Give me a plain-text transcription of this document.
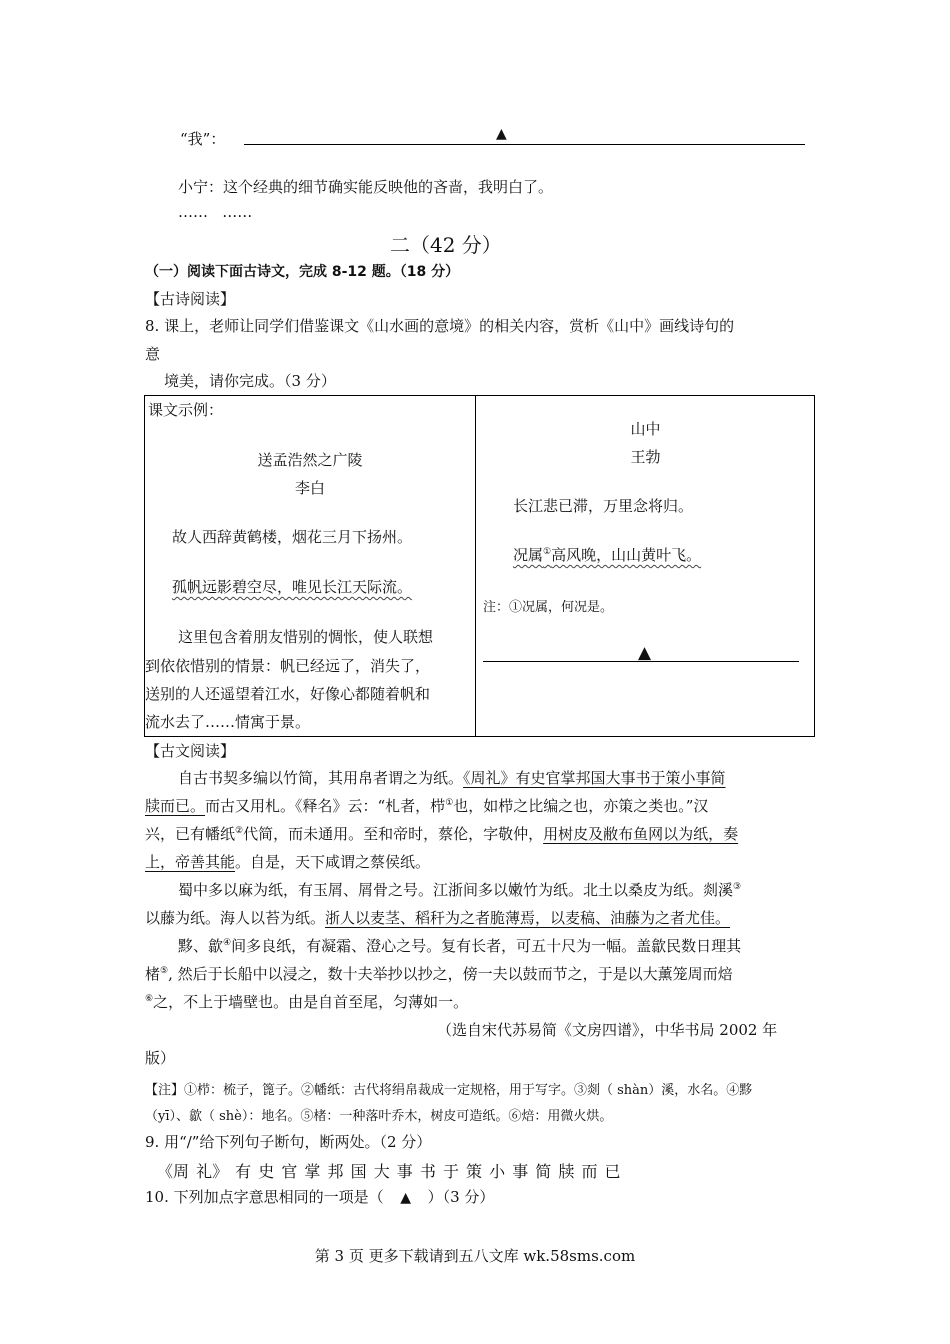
“我”：	▲
小宁：这个经典的细节确实能反映他的吝啬，我明白了。
……   ……
二（42 分）
（一）阅读下面古诗文，完成 8-12 题。（18 分）
【古诗阅读】
8. 课上，老师让同学们借鉴课文《山水画的意境》的相关内容，赏析《山中》画线诗句的
意
境美，请你完成。（3 分）
课文示例：
送孟浩然之广陵
李白
故人西辞黄鹤楼，烟花三月下扬州。
孤帆远影碧空尽，唯见长江天际流。
这里包含着朋友惜别的惆怅，使人联想
到依依惜别的情景：帆已经远了，消失了，
送别的人还遥望着江水，好像心都随着帆和
流水去了……情寓于景。
山中
王勃
长江悲已滞，万里念将归。
况属①高风晚，山山黄叶飞。
注：①况属，何况是。
▲
【古文阅读】
自古书契多编以竹简，其用帛者谓之为纸。《周礼》有史官掌邦国大事书于策小事简
牍而已。而古又用札。《释名》云：“札者，栉①也，如栉之比编之也，亦策之类也。”汉
兴，已有幡纸②代简，而未通用。至和帝时，蔡伦，字敬仲，用树皮及敝布鱼网以为纸，奏
上，帝善其能。自是，天下咸谓之蔡侯纸。
蜀中多以麻为纸，有玉屑、屑骨之号。江浙间多以嫩竹为纸。北土以桑皮为纸。剡溪③
以藤为纸。海人以苔为纸。浙人以麦茎、稻秆为之者脆薄焉，以麦稿、油藤为之者尤佳。
黟、歙④间多良纸，有凝霜、澄心之号。复有长者，可五十尺为一幅。盖歙民数日理其
楮⑤, 然后于长船中以浸之，数十夫举抄以抄之，傍一夫以鼓而节之，于是以大薰笼周而焙
⑥之，不上于墙壁也。由是自首至尾，匀薄如一。
（选自宋代苏易简《文房四谱》，中华书局 2002 年
版）
【注】①栉：梳子，篦子。②幡纸：古代将绢帛裁成一定规格，用于写字。③剡（ shàn）溪，水名。④黟
（yī）、歙（ shè）：地名。⑤楮：一种落叶乔木，树皮可造纸。⑥焙：用微火烘。
9. 用“/”给下列句子断句，断两处。（2 分）
《周 礼》 有 史 官 掌 邦 国 大 事 书 于 策 小 事 简 牍 而 已
10. 下列加点字意思相同的一项是（ ▲ ）（3 分）
第 3 页 更多下载请到五八文库 wk.58sms.com
